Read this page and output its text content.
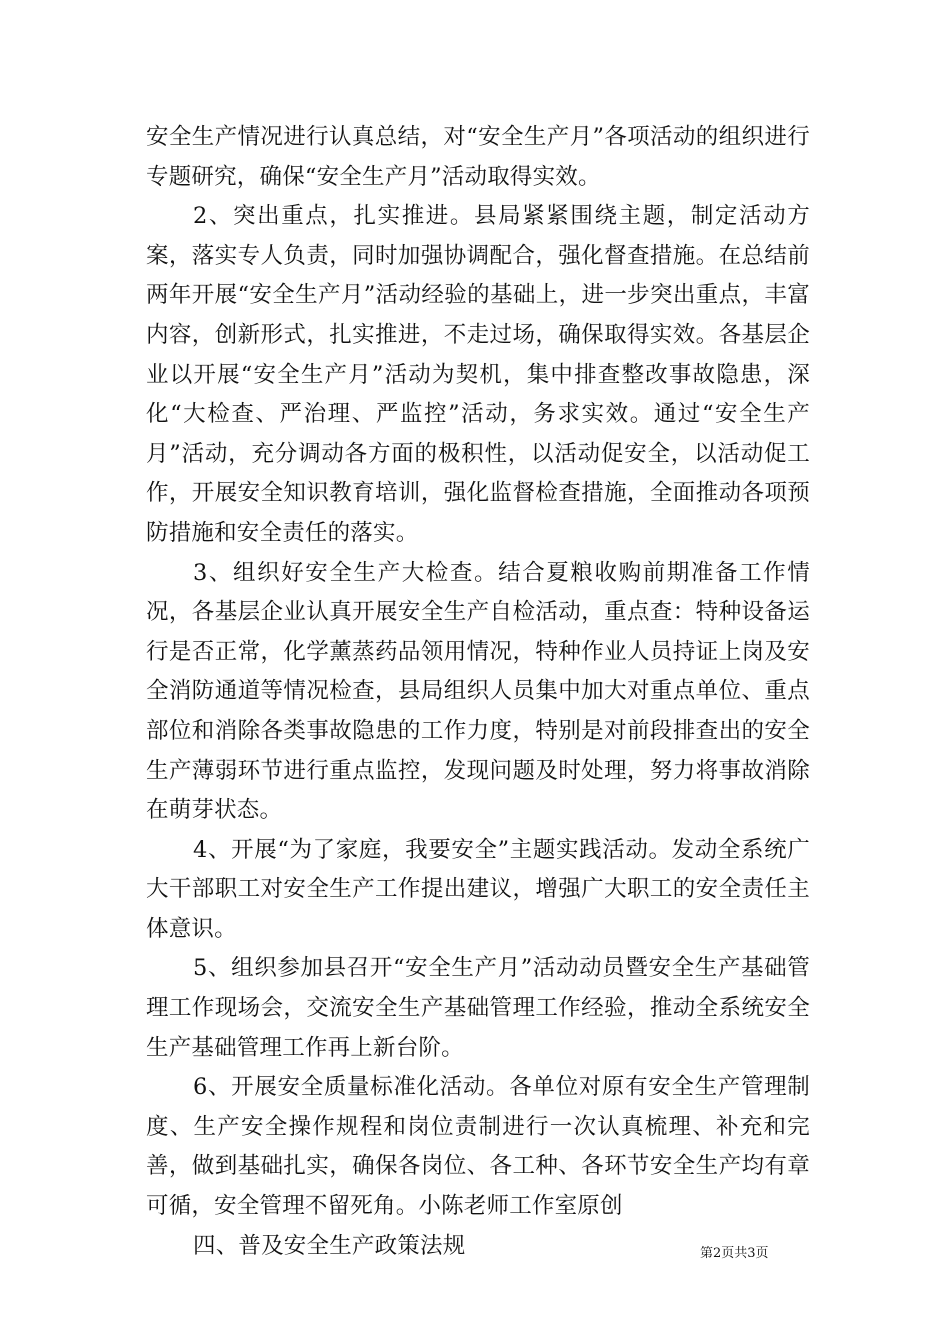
安全生产情况进行认真总结，对“安全生产月”各项活动的组织进行专题研究，确保“安全生产月”活动取得实效。

2、突出重点，扎实推进。县局紧紧围绕主题，制定活动方案，落实专人负责，同时加强协调配合，强化督查措施。在总结前两年开展“安全生产月”活动经验的基础上，进一步突出重点，丰富内容，创新形式，扎实推进，不走过场，确保取得实效。各基层企业以开展“安全生产月”活动为契机，集中排查整改事故隐患，深化“大检查、严治理、严监控”活动，务求实效。通过“安全生产月”活动，充分调动各方面的极积性，以活动促安全，以活动促工作，开展安全知识教育培训，强化监督检查措施，全面推动各项预防措施和安全责任的落实。

3、组织好安全生产大检查。结合夏粮收购前期准备工作情况，各基层企业认真开展安全生产自检活动，重点查：特种设备运行是否正常，化学薰蒸药品领用情况，特种作业人员持证上岗及安全消防通道等情况检查，县局组织人员集中加大对重点单位、重点部位和消除各类事故隐患的工作力度，特别是对前段排查出的安全生产薄弱环节进行重点监控，发现问题及时处理，努力将事故消除在萌芽状态。

4、开展“为了家庭，我要安全”主题实践活动。发动全系统广大干部职工对安全生产工作提出建议，增强广大职工的安全责任主体意识。

5、组织参加县召开“安全生产月”活动动员暨安全生产基础管理工作现场会，交流安全生产基础管理工作经验，推动全系统安全生产基础管理工作再上新台阶。

6、开展安全质量标准化活动。各单位对原有安全生产管理制度、生产安全操作规程和岗位责制进行一次认真梳理、补充和完善，做到基础扎实，确保各岗位、各工种、各环节安全生产均有章可循，安全管理不留死角。小陈老师工作室原创

四、普及安全生产政策法规	第2页共3页
